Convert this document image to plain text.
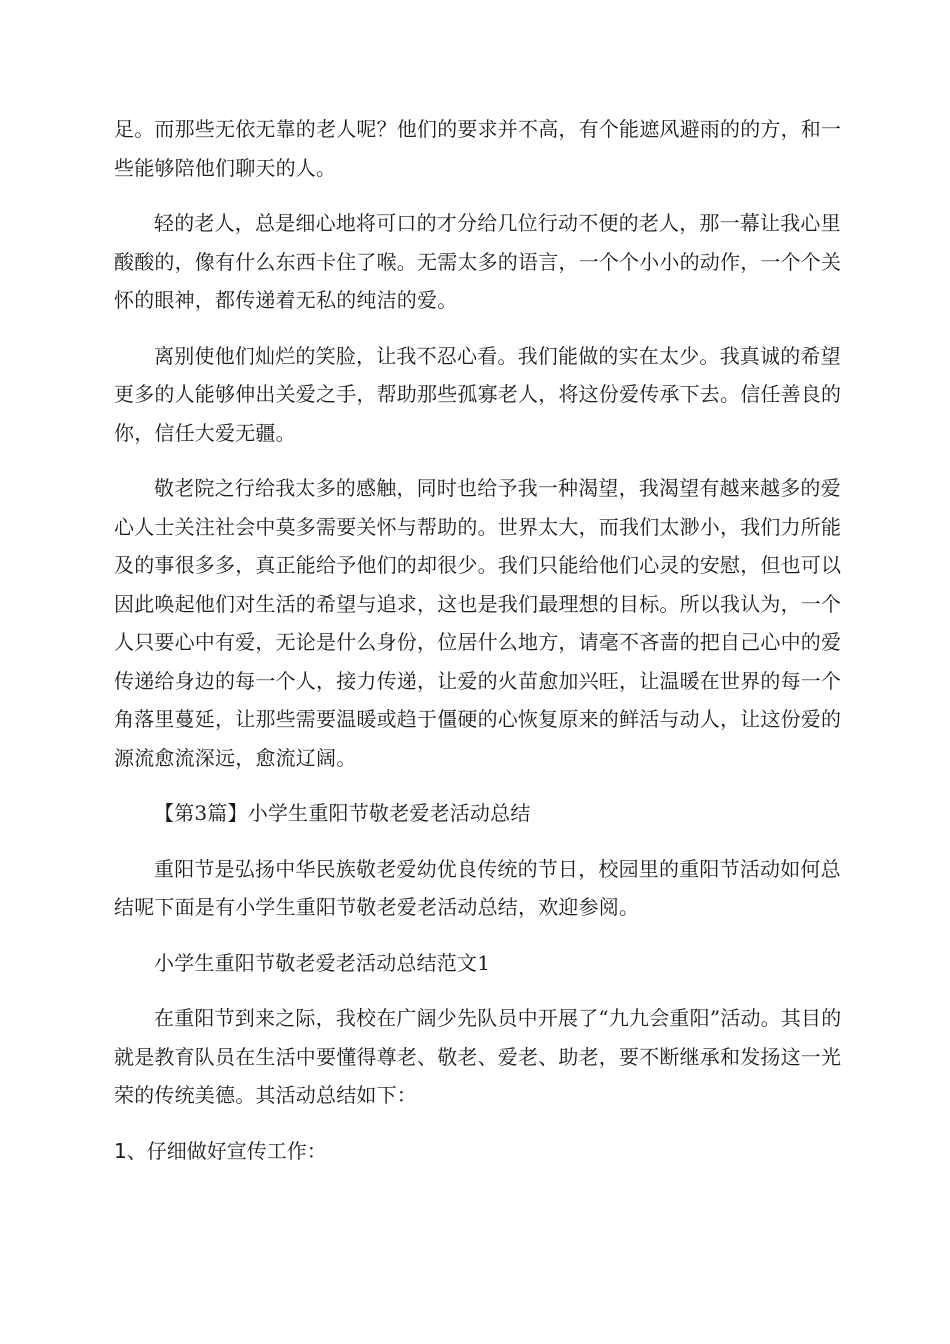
足。而那些无依无靠的老人呢？他们的要求并不高，有个能遮风避雨的的方，和一些能够陪他们聊天的人。

轻的老人，总是细心地将可口的才分给几位行动不便的老人，那一幕让我心里酸酸的，像有什么东西卡住了喉。无需太多的语言，一个个小小的动作，一个个关怀的眼神，都传递着无私的纯洁的爱。

离别使他们灿烂的笑脸，让我不忍心看。我们能做的实在太少。我真诚的希望更多的人能够伸出关爱之手，帮助那些孤寡老人，将这份爱传承下去。信任善良的你，信任大爱无疆。

敬老院之行给我太多的感触，同时也给予我一种渴望，我渴望有越来越多的爱心人士关注社会中莫多需要关怀与帮助的。世界太大，而我们太渺小，我们力所能及的事很多多，真正能给予他们的却很少。我们只能给他们心灵的安慰，但也可以因此唤起他们对生活的希望与追求，这也是我们最理想的目标。所以我认为，一个人只要心中有爱，无论是什么身份，位居什么地方，请毫不吝啬的把自己心中的爱传递给身边的每一个人，接力传递，让爱的火苗愈加兴旺，让温暖在世界的每一个角落里蔓延，让那些需要温暖或趋于僵硬的心恢复原来的鲜活与动人，让这份爱的源流愈流深远，愈流辽阔。

【第3篇】小学生重阳节敬老爱老活动总结

重阳节是弘扬中华民族敬老爱幼优良传统的节日，校园里的重阳节活动如何总结呢下面是有小学生重阳节敬老爱老活动总结，欢迎参阅。

小学生重阳节敬老爱老活动总结范文1

在重阳节到来之际，我校在广阔少先队员中开展了“九九会重阳”活动。其目的就是教育队员在生活中要懂得尊老、敬老、爱老、助老，要不断继承和发扬这一光荣的传统美德。其活动总结如下：

1、仔细做好宣传工作：
